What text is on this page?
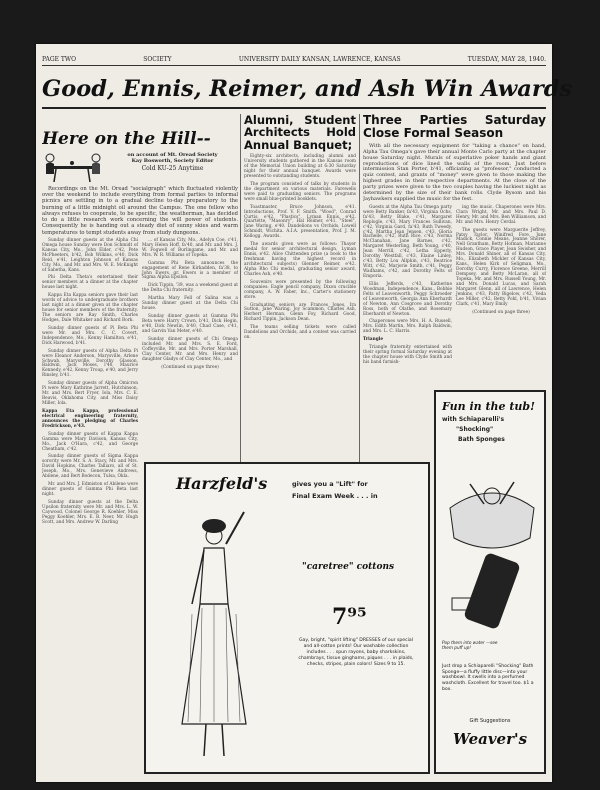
PAGE TWO	SOCIETY	UNIVERSITY DAILY KANSAN, LAWRENCE, KANSAS	TUESDAY, MAY 28, 1940.
Good, Ennis, Reimer, and Ash Win Awards
Here on the Hill--
on account of Mt. Oread Society
Kay Bosworth, Society Editor
Cold KU-25 Anytime

Recordings on the Mt. Oread "socialgraph" which fluctuated violently over the weekend to include everything from formal parties to informal picnics are settling in to a gradual decline to-day preparatory to the burning of a little midnight oil around the Campus. The one fellow who always refuses to cooperate, to be specific, the weatherman, has decided to do a little research work concerning the will power of students. Consequently he is handing out a steady diet of sunny skies and warm temperatures to tempt students away from study dungeons.

Sunday dinner guests at the Alpha Chi Omega house Sunday were Don Schmidt of Kansas City, Mo., John Elder, c'42, Pete McPheeters, b'42, Bob Wilkins, e'40, Dick Reid, e'41, Leighton Johnson of Kansas City, Mo., and Mr. and Mrs. W. E. McKnight of Sabetha, Kans.

Phi Delta Theta's entertained their senior members at a dinner at the chapter house last night.

Kappa Eta Kappa seniors gave their last words of advice to undergraduate brothers last night at a dinner given at the chapter house for senior members of the fraternity. The seniors are Ray Smith, Charles Hodges, Dale Whitaker and Richard Bork.

Sunday dinner guests of Pi Beta Phi were Mr. and Mrs. C. C. Covert, Independence, Mo., Kenny Hamilton, e'41, Dick Harwood, b'41.

Sunday dinner guests of Alpha Delta Pi were Eleanor Anderson, Marysville, Arlene Schwab, Marysville, Dorothy Glasson, Baldwin, Jack Moses, l'40, Maurice Kennedy, e'42, Kenny Troup, e'40, and Jerry Rinsley, b'41.

Sunday dinner guests of Alpha Omicron Pi were Mary Kathrine Jarrett, Hutchinson, Mr. and Mrs. Bert Fryer, Iola, Mrs. C. E. Beavis, Oklahoma City, and Miss Daisy Miller, Iola.

Kappa Eta Kappa, professional electrical engineering fraternity, announces the pledging of Charles Fredrickson, e'43.

Sunday dinner guests of Kappa Kappa Gamma were Mary Davison, Kansas City, Mo., Jack O'Hara, c'42, and George Cheatham, c'42.

Sunday dinner guests of Sigma Kappa sorority were Mr. S. A. Stacy, Mr. and Mrs. David Hopkins, Charles Talliaro, all of St. Joseph, Mo., Mrs. Genevieve Andrews, Abilene, and Bert Bodecon, Tulsa, Okla.

Mr. and Mrs. J. Edmiston of Abilene were dinner guests of Gamma Phi Beta last night.

Sunday dinner guests at the Delta Upsilon fraternity were Mr. and Mrs. L. W. Caywood, Colonel George R. Koehler, Miss Peggy Koehler, Mrs. E. B. Neer, Mr. Hugh Scott, and Mrs. Andrew W. Darling

... of Kansas City, Mo., Adelyn Coe, c'41, Mary Helen Hoff, fa'40, and Mr. and Mrs. J. W. Fogwell of Burlingame, and Mr. and Mrs. W. R. Williams of Topeka.

Gamma Phi Beta announces the engagement of Rene Kirkadden, fa'38, to John Ewers, gr. Ewers is a member of Sigma Alpha Epsilon.

Dick Tippin, '39, was a weekend guest at the Delta Chi fraternity.

Martha Mary Fell of Salina was a Sunday dinner guest at the Delta Chi house.

Sunday dinner guests at Gamma Phi Beta were Harry Crown, b'41, Dick Hegin, e'40, Dick Newlin, b'40, Chad Case, c'41, and Garvin Van Meter, e'40.

Sunday dinner guests of Chi Omega included Mr. and Mrs. S. E. Ford, Coffeyville, Mr. and Mrs. Porter Marshall, Clay Center, Mr. and Mrs. Henry and daughter Gladys of Clay Center, Mo., and

(Continued on page three)

Alumni, Student Architects Hold Annual Banquet;

Eighty-six architects, including alumni and University students gathered in the Kansas room of the Memorial Union building at 6:30 Saturday night for their annual banquet. Awards were presented to outstanding students.

The program consisted of talks by students in the department on various materials. Farewells were paid to graduating seniors. The programs were small blue-printed booklets.

Toastmaster, Bruce Johnson, e'41. Introductions, Prof. V. F. Smith. "Wood", Conrad Curtis, e'42. "Plastics", Lyman Ennis, e'42. Quartette, "Masonry", Hal Reimer, e'41. "Steel", Jane Waring, e'40. Dandelions vs Orchids, Lowell Schmidt, Wichita. A.I.A. presentation, Prof. J. M. Kellogg. Awards.

The awards given were as follows: Thayer medal for senior architectural design, Lyman Ennis, e'42. Alice Chittenden prize (a book to the freshman having the highest record in architectural subjects) Glenner Reimer, e'42. Alpha Rho Chi medal, graduating senior award, Charles Ash, e'40.

Souvenirs were presented by the following companies: Eagle pencil company, Dixon crucible company, A. W. Faber, Inc., Carter's stationery store.

Graduating seniors are Frances Jones, Ira Sutton, Jane Waring, Joy Scammon, Charles Ash, Herbert Herman, Glenn Foy, Richard Good, Richard Tippin, Jackson Dean.

The teams selling tickets were called Dandelions and Orchids, and a contest was carried on.

Three Parties Saturday Close Formal Season

With all the necessary equipment for "taking a chance" on hand, Alpha Tau Omega's gave their annual Monte Carlo party at the chapter house Saturday night. Murals of superlative poker hands and giant reproductions of dice lined the walls of the room. Just before intermission Stan Porter, b'41, officiating as "professor," conducted a quiz contest, and grants of "money" were given to those making the highest grades in their respective departments. At the close of the party prizes were given to the two couples having the luckiest night as determined by the size of their bank rolls. Clyde Bysom and his Jayhawkers supplied the music for the fest.

Guests at the Alpha Tau Omega party were Betty Banker, fa'43, Virginia Ochs, fa'43, Betty Blake, c'41, Margaret Replogle, c'43, Mary Frances Sullivan, c'42, Virginia Gard, fa'43, Ruth Tweedy, c'42, Martha Jean Jensen, c'43, Gloria Bachelle, c'42, Ruth Rice, c'43, Norma McClanahan, Jane Barnes, c'42, Margaret Westerling, Beth Young, c'40, Jean Merrill, c'42, Letha Epperly, Dorothy Westfall, c'43, Elaine Linley, c'43, Betty Lou Allphin, c'43, Beatrice Witt, c'42, Marjorie Smith, c'41, Peggy Wadhams, c'42, and Dorothy Felts of Emporia.

Ellis Jefferds, c'43, Katherine Woodman, Independence, Kans., Bobbie Felts of Leavenworth, Peggy Schroeder of Leavenworth, Georgia Ann Eberhardt of Newton, Ann Cosgrove and Dorothy Ross, both of Olathe, and Rosemary Eberhardt of Newton.

Chaperones were Mrs. H. A. Russell, Mrs. Edith Martin, Mrs. Ralph Baldwin, and Mrs. L. C. Harris.

Triangle

Triangle fraternity entertained with their spring formal Saturday evening at the chapter house with Clyde Smith and his band furnish-

ing the music. Chaperones were Mrs. Clara Wright, Mr. and Mrs. Paul D. Henry, Mr. and Mrs. Ben Williamson, and Mr. and Mrs. Henry Cerdal.

The guests were Marguerite Jeffrey, Patsy Taylor, Winifred Fore, June Madick, Connie Means, Jeanne Shorer, Nell Grantham, Betty Hofman, Marianne Hudson, Grace Player, Jean Swisher, and Mrs. Donald Shiner, all of Kansas City, Mo., Elizabeth Mickler of Kansas City, Kans., Helen Kirk of Seligman, Mo., Dorothy Curry, Florence Greene, Merrill Dempsey, and Betty McLaran, all of Topeka, Mr. and Mrs. Russell Young, Mr. and Mrs. Donald Lucas, and Sarah Margaret Glenn, all of Lawrence, Helen Jenkins, c'43, Patty Bigelow, c'42, Veda Lee Miller, c'42, Betty Pohl, b'41, Vivian Clark, c'41, Mary Emily

(Continued on page three)

Harzfeld's	gives you a "Lift" for
Final Exam Week . . . in
"caretree" cottons
7⁹⁵
Gay, bright, "spirit lifting" DRESSES of our special and all-cotton prints! Our washable collection includes . . . spun rayons, baby sharkskins, chambrays, tissue ginghams, piques . . . in plaids, checks, stripes, plain colors! Sizes 9 to 15.
Fun in the tub!
with Schiaparelli's
"Shocking"
Bath Sponges
Pop them into water —see them puff up!
Just drop a Schiaparelli "Shocking" Bath Sponge—a fluffy little disc—into your washbowl. It swells into a perfumed washcloth. Excellent for travel too. $1 a box.
Gift Suggestions
Weaver's
